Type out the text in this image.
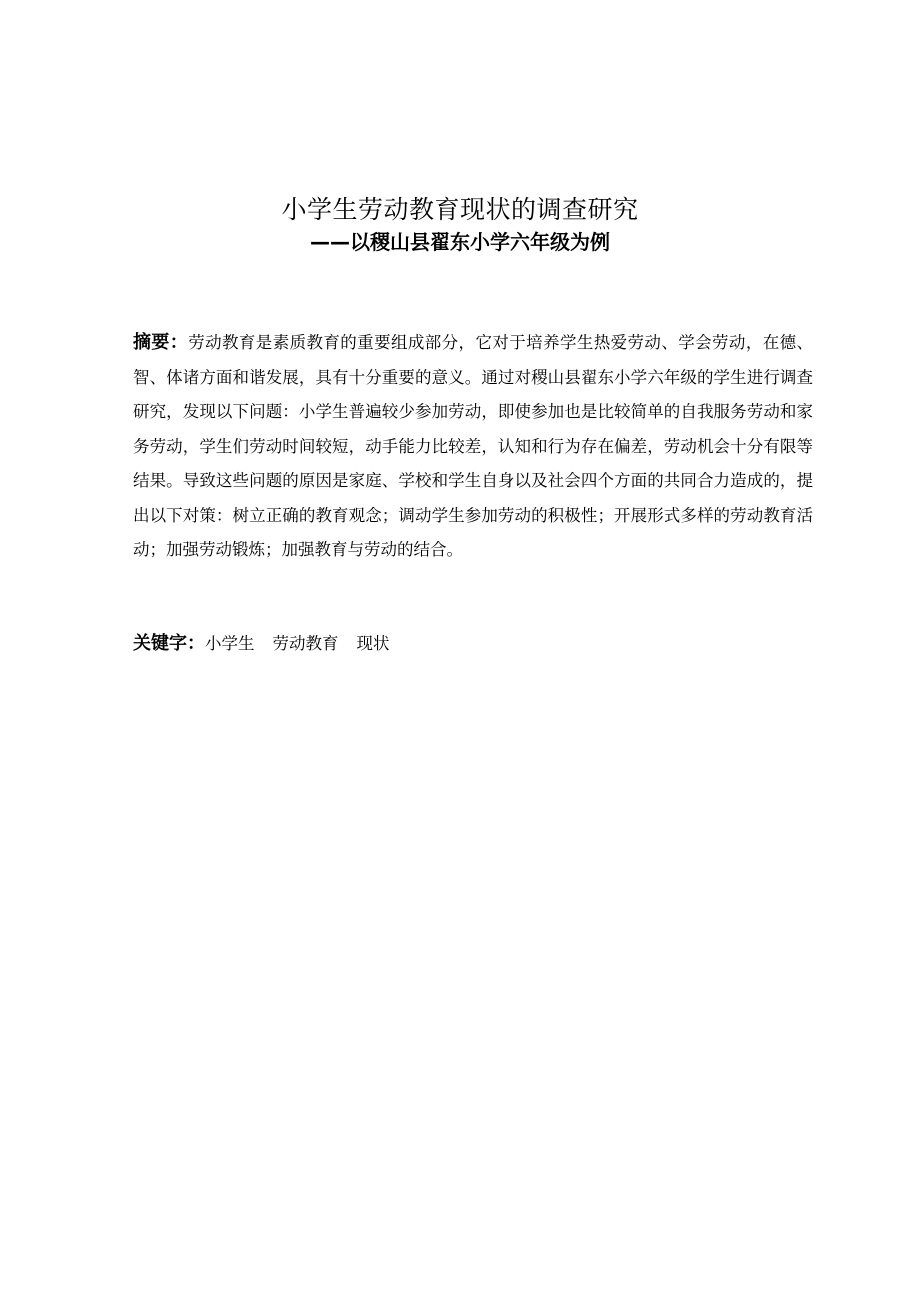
小学生劳动教育现状的调查研究
——以稷山县翟东小学六年级为例

摘要：劳动教育是素质教育的重要组成部分，它对于培养学生热爱劳动、学会劳动，在德、智、体诸方面和谐发展，具有十分重要的意义。通过对稷山县翟东小学六年级的学生进行调查研究，发现以下问题：小学生普遍较少参加劳动，即使参加也是比较简单的自我服务劳动和家务劳动，学生们劳动时间较短，动手能力比较差，认知和行为存在偏差，劳动机会十分有限等结果。导致这些问题的原因是家庭、学校和学生自身以及社会四个方面的共同合力造成的，提出以下对策：树立正确的教育观念；调动学生参加劳动的积极性；开展形式多样的劳动教育活动；加强劳动锻炼；加强教育与劳动的结合。

关键字：小学生 劳动教育 现状
